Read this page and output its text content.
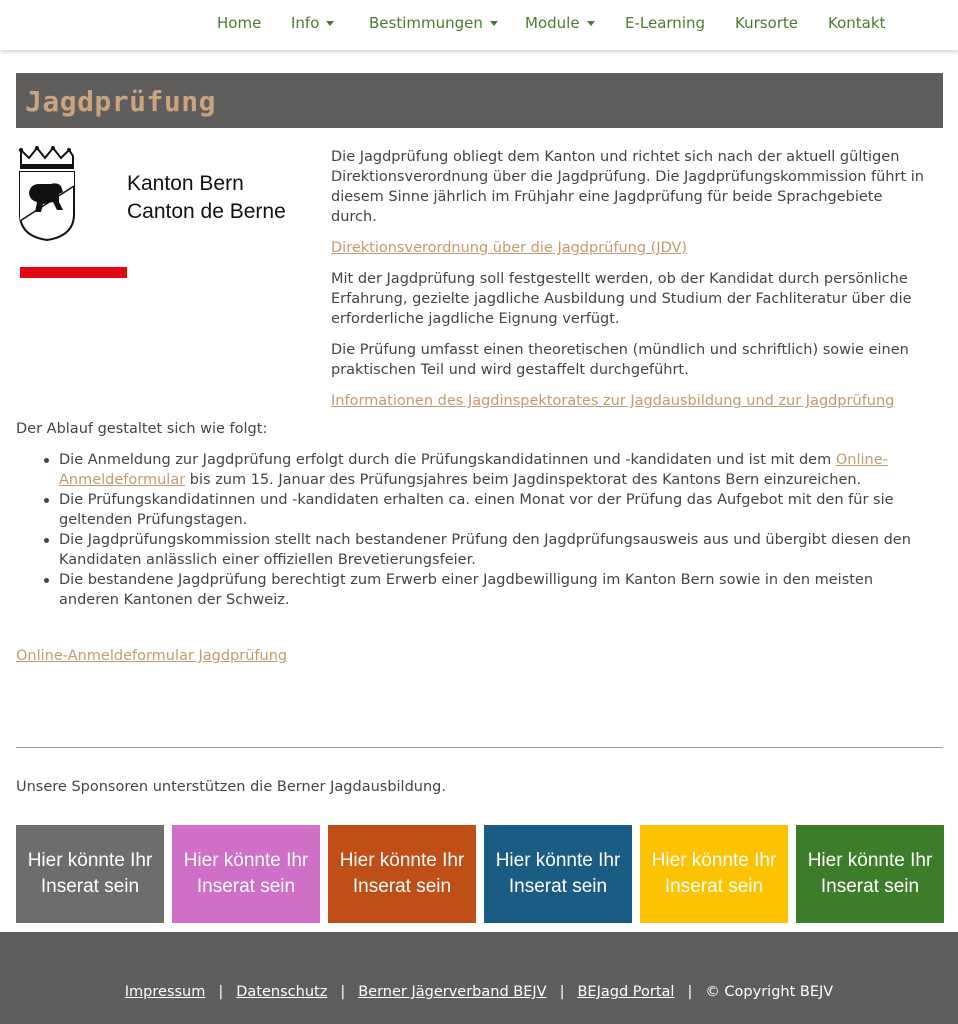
Home Info	Bestimmungen	Module	E-Learning Kursorte Kontakt
Jagdprüfung
Kanton Bern
Canton de Berne

Die Jagdprüfung obliegt dem Kanton und richtet sich nach der aktuell gültigen Direktionsverordnung über die Jagdprüfung. Die Jagdprüfungskommission führt in diesem Sinne jährlich im Frühjahr eine Jagdprüfung für beide Sprachgebiete durch.

Direktionsverordnung über die Jagdprüfung (JDV)

Mit der Jagdprüfung soll festgestellt werden, ob der Kandidat durch persönliche Erfahrung, gezielte jagdliche Ausbildung und Studium der Fachliteratur über die erforderliche jagdliche Eignung verfügt.

Die Prüfung umfasst einen theoretischen (mündlich und schriftlich) sowie einen praktischen Teil und wird gestaffelt durchgeführt.

Informationen des Jagdinspektorates zur Jagdausbildung und zur Jagdprüfung

Der Ablauf gestaltet sich wie folgt:
Die Anmeldung zur Jagdprüfung erfolgt durch die Prüfungskandidatinnen und -kandidaten und ist mit dem Online-Anmeldeformular bis zum 15. Januar des Prüfungsjahres beim Jagdinspektorat des Kantons Bern einzureichen.
Die Prüfungskandidatinnen und -kandidaten erhalten ca. einen Monat vor der Prüfung das Aufgebot mit den für sie geltenden Prüfungstagen.
Die Jagdprüfungskommission stellt nach bestandener Prüfung den Jagdprüfungsausweis aus und übergibt diesen den Kandidaten anlässlich einer offiziellen Brevetierungsfeier.
Die bestandene Jagdprüfung berechtigt zum Erwerb einer Jagdbewilligung im Kanton Bern sowie in den meisten anderen Kantonen der Schweiz.
Online-Anmeldeformular Jagdprüfung
Unsere Sponsoren unterstützen die Berner Jagdausbildung.
Hier könnte Ihr Inserat sein
Hier könnte Ihr Inserat sein
Hier könnte Ihr Inserat sein
Hier könnte Ihr Inserat sein
Hier könnte Ihr Inserat sein
Hier könnte Ihr Inserat sein
Impressum | Datenschutz | Berner Jägerverband BEJV | BEJagd Portal | © Copyright BEJV
